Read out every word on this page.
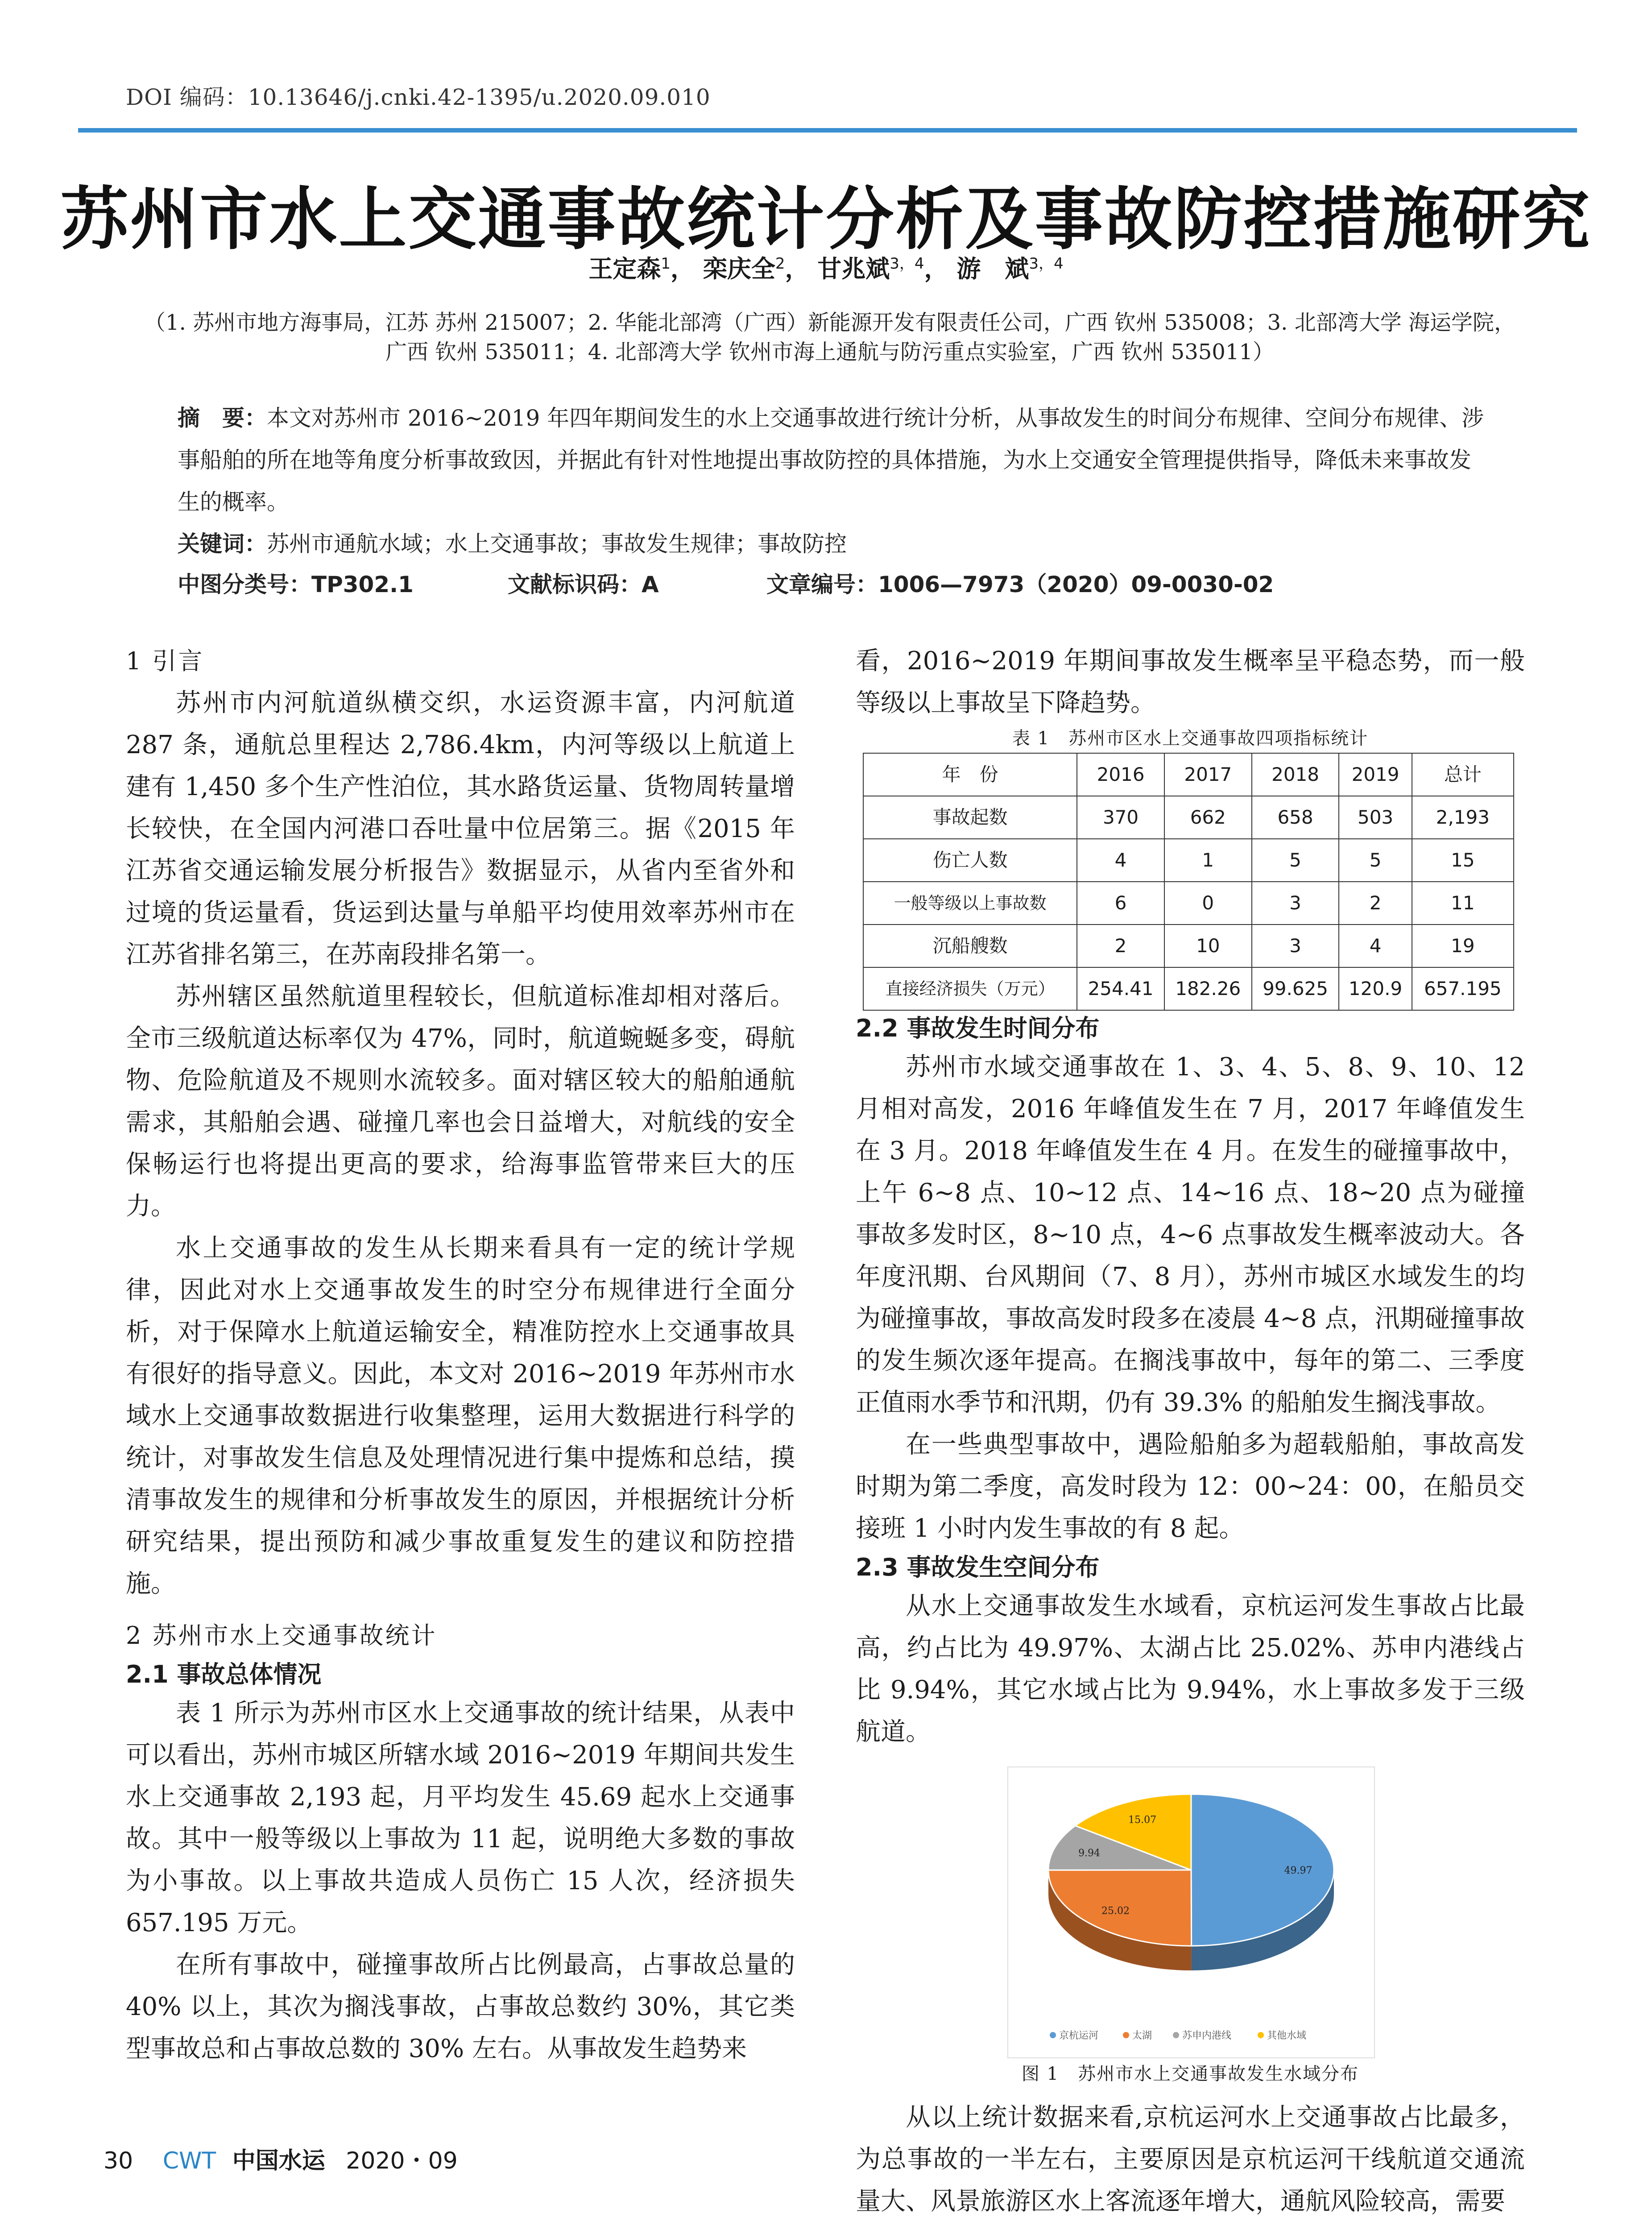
DOI 编码：10.13646/j.cnki.42-1395/u.2020.09.010
苏州市水上交通事故统计分析及事故防控措施研究
王定森$^1$， 栾庆全$^2$， 甘兆斌$^{3,4}$， 游　斌$^{3,4}$
（1. 苏州市地方海事局，江苏 苏州 215007；2. 华能北部湾（广西）新能源开发有限责任公司，广西 钦州 535008；3. 北部湾大学 海运学院，广西 钦州 535011；4. 北部湾大学 钦州市海上通航与防污重点实验室，广西 钦州 535011）
摘　要：本文对苏州市 2016~2019 年四年期间发生的水上交通事故进行统计分析，从事故发生的时间分布规律、空间分布规律、涉事船舶的所在地等角度分析事故致因，并据此有针对性地提出事故防控的具体措施，为水上交通安全管理提供指导，降低未来事故发生的概率。
关键词：苏州市通航水域；水上交通事故；事故发生规律；事故防控
中图分类号：TP302.1	文献标识码：A	文章编号：1006—7973（2020）09-0030-02
1 引言

苏州市内河航道纵横交织，水运资源丰富，内河航道 287 条，通航总里程达 2,786.4km，内河等级以上航道上建有 1,450 多个生产性泊位，其水路货运量、货物周转量增长较快，在全国内河港口吞吐量中位居第三。据《2015 年江苏省交通运输发展分析报告》数据显示，从省内至省外和过境的货运量看，货运到达量与单船平均使用效率苏州市在江苏省排名第三，在苏南段排名第一。

苏州辖区虽然航道里程较长，但航道标准却相对落后。全市三级航道达标率仅为 47%，同时，航道蜿蜒多变，碍航物、危险航道及不规则水流较多。面对辖区较大的船舶通航需求，其船舶会遇、碰撞几率也会日益增大，对航线的安全保畅运行也将提出更高的要求，给海事监管带来巨大的压力。

水上交通事故的发生从长期来看具有一定的统计学规律，因此对水上交通事故发生的时空分布规律进行全面分析，对于保障水上航道运输安全，精准防控水上交通事故具有很好的指导意义。因此，本文对 2016~2019 年苏州市水域水上交通事故数据进行收集整理，运用大数据进行科学的统计，对事故发生信息及处理情况进行集中提炼和总结，摸清事故发生的规律和分析事故发生的原因，并根据统计分析研究结果，提出预防和减少事故重复发生的建议和防控措施。

2 苏州市水上交通事故统计
2.1 事故总体情况

表 1 所示为苏州市区水上交通事故的统计结果，从表中可以看出，苏州市城区所辖水域 2016~2019 年期间共发生水上交通事故 2,193 起，月平均发生 45.69 起水上交通事故。其中一般等级以上事故为 11 起，说明绝大多数的事故为小事故。以上事故共造成人员伤亡 15 人次，经济损失 657.195 万元。

在所有事故中，碰撞事故所占比例最高，占事故总量的 40% 以上，其次为搁浅事故，占事故总数约 30%，其它类型事故总和占事故总数的 30% 左右。从事故发生趋势来

看，2016~2019 年期间事故发生概率呈平稳态势，而一般等级以上事故呈下降趋势。

表 1　苏州市区水上交通事故四项指标统计
年　份	2016	2017	2018	2019	总计
事故起数	370	662	658	503	2,193
伤亡人数	4	1	5	5	15
一般等级以上事故数	6	0	3	2	11
沉船艘数	2	10	3	4	19
直接经济损失（万元）	254.41	182.26	99.625	120.9	657.195
2.2 事故发生时间分布

苏州市水域交通事故在 1、3、4、5、8、9、10、12 月相对高发，2016 年峰值发生在 7 月，2017 年峰值发生在 3 月。2018 年峰值发生在 4 月。在发生的碰撞事故中，上午 6~8 点、10~12 点、14~16 点、18~20 点为碰撞事故多发时区，8~10 点，4~6 点事故发生概率波动大。各年度汛期、台风期间（7、8 月），苏州市城区水域发生的均为碰撞事故，事故高发时段多在凌晨 4~8 点，汛期碰撞事故的发生频次逐年提高。在搁浅事故中，每年的第二、三季度正值雨水季节和汛期，仍有 39.3% 的船舶发生搁浅事故。

在一些典型事故中，遇险船舶多为超载船舶，事故高发时期为第二季度，高发时段为 12：00~24：00，在船员交接班 1 小时内发生事故的有 8 起。

2.3 事故发生空间分布

从水上交通事故发生水域看，京杭运河发生事故占比最高，约占比为 49.97%、太湖占比 25.02%、苏申内港线占比 9.94%，其它水域占比为 9.94%，水上事故多发于三级航道。

49.97
25.02
9.94
15.07
京杭运河	太湖	苏申内港线	其他水域
图 1　苏州市水上交通事故发生水域分布

从以上统计数据来看,京杭运河水上交通事故占比最多，为总事故的一半左右，主要原因是京杭运河干线航道交通流量大、风景旅游区水上客流逐年增大，通航风险较高，需要

30 CWT 中国水运 2020・09
